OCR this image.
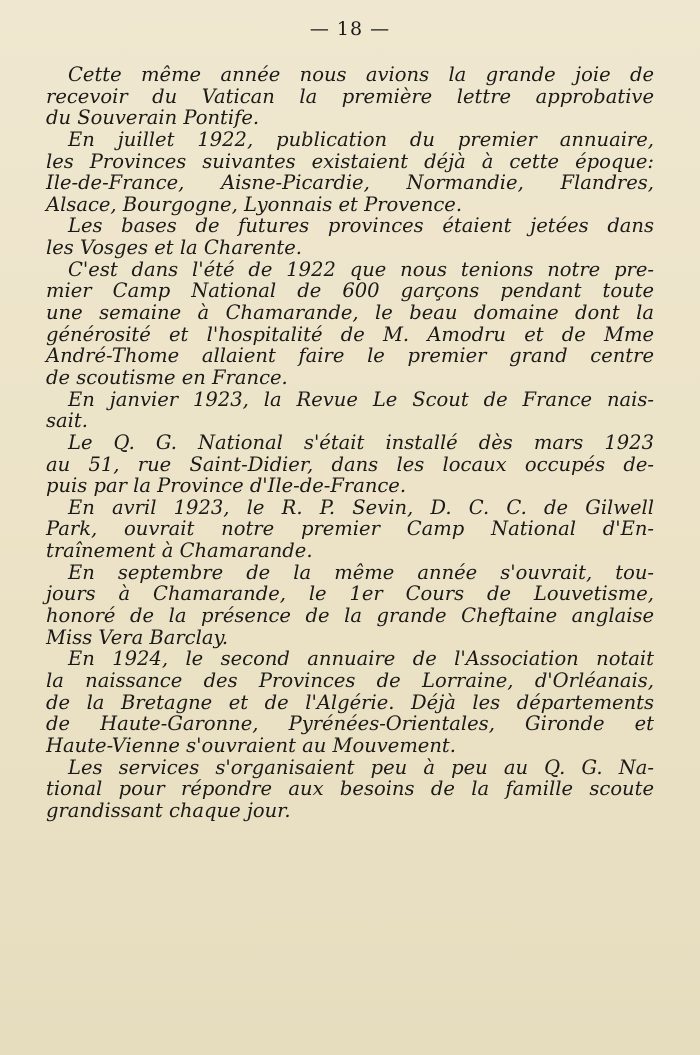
— 18 —
Cette même année nous avions la grande joie de
recevoir du Vatican la première lettre approbative
du Souverain Pontife.
En juillet 1922, publication du premier annuaire,
les Provinces suivantes existaient déjà à cette époque:
Ile-de-France, Aisne-Picardie, Normandie, Flandres,
Alsace, Bourgogne, Lyonnais et Provence.
Les bases de futures provinces étaient jetées dans
les Vosges et la Charente.
C'est dans l'été de 1922 que nous tenions notre pre-
mier Camp National de 600 garçons pendant toute
une semaine à Chamarande, le beau domaine dont la
générosité et l'hospitalité de M. Amodru et de Mme
André-Thome allaient faire le premier grand centre
de scoutisme en France.
En janvier 1923, la Revue Le Scout de France nais-
sait.
Le Q. G. National s'était installé dès mars 1923
au 51, rue Saint-Didier, dans les locaux occupés de-
puis par la Province d'Ile-de-France.
En avril 1923, le R. P. Sevin, D. C. C. de Gilwell
Park, ouvrait notre premier Camp National d'En-
traînement à Chamarande.
En septembre de la même année s'ouvrait, tou-
jours à Chamarande, le 1er Cours de Louvetisme,
honoré de la présence de la grande Cheftaine anglaise
Miss Vera Barclay.
En 1924, le second annuaire de l'Association notait
la naissance des Provinces de Lorraine, d'Orléanais,
de la Bretagne et de l'Algérie. Déjà les départements
de Haute-Garonne, Pyrénées-Orientales, Gironde et
Haute-Vienne s'ouvraient au Mouvement.
Les services s'organisaient peu à peu au Q. G. Na-
tional pour répondre aux besoins de la famille scoute
grandissant chaque jour.
